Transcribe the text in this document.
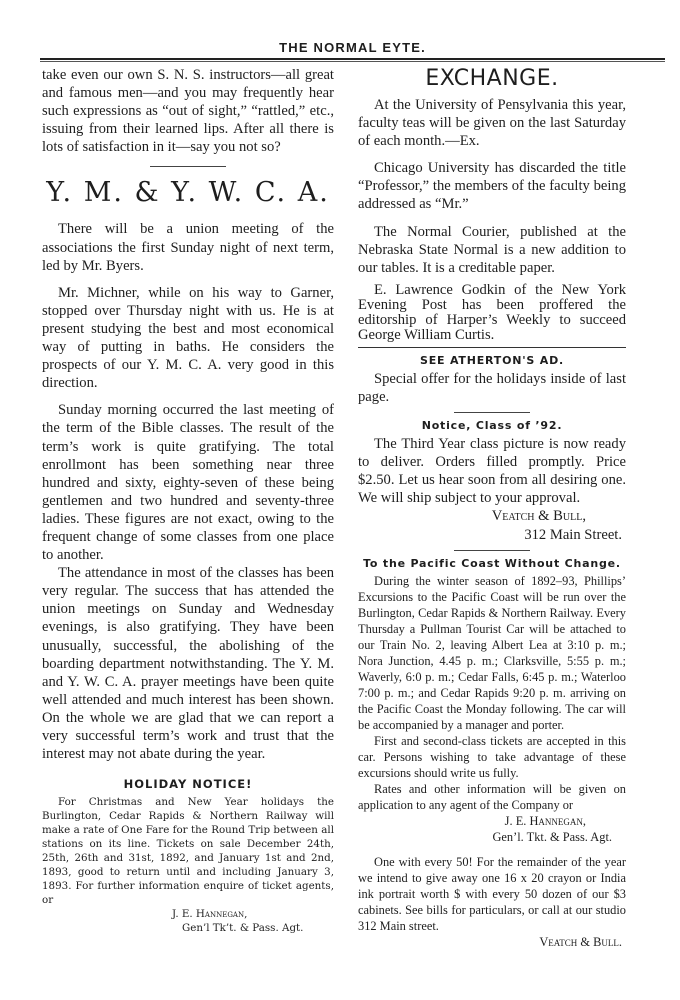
THE NORMAL EYTE.

take even our own S. N. S. instructors—all great and famous men—and you may frequently hear such expressions as “out of sight,” “rattled,” etc., issuing from their learned lips. After all there is lots of satisfaction in it—say you not so?

Y. M. & Y. W. C. A.

There will be a union meeting of the associations the first Sunday night of next term, led by Mr. Byers.

Mr. Michner, while on his way to Garner, stopped over Thursday night with us. He is at present studying the best and most economical way of putting in baths. He considers the prospects of our Y. M. C. A. very good in this direction.

Sunday morning occurred the last meeting of the term of the Bible classes. The result of the term’s work is quite gratifying. The total enrollmont has been something near three hundred and sixty, eighty-seven of these being gentlemen and two hundred and seventy-three ladies. These figures are not exact, owing to the frequent change of some classes from one place to another.

The attendance in most of the classes has been very regular. The success that has attended the union meetings on Sunday and Wednesday evenings, is also gratifying. They have been unusually, successful, the abolishing of the boarding department notwithstanding. The Y. M. and Y. W. C. A. prayer meetings have been quite well attended and much interest has been shown. On the whole we are glad that we can report a very successful term’s work and trust that the interest may not abate during the year.

HOLIDAY NOTICE!

For Christmas and New Year holidays the Burlington, Cedar Rapids & Northern Railway will make a rate of One Fare for the Round Trip between all stations on its line. Tickets on sale December 24th, 25th, 26th and 31st, 1892, and January 1st and 2nd, 1893, good to return until and including January 3, 1893. For further information enquire of ticket agents, or

J. E. Hannegan,

Gen’l Tk’t. & Pass. Agt.

EXCHANGE.

At the University of Pensylvania this year, faculty teas will be given on the last Saturday of each month.—Ex.

Chicago University has discarded the title “Professor,” the members of the faculty being addressed as “Mr.”

The Normal Courier, published at the Nebraska State Normal is a new addition to our tables. It is a creditable paper.

E. Lawrence Godkin of the New York Evening Post has been proffered the editorship of Harper’s Weekly to succeed George William Curtis.

SEE ATHERTON'S AD.

Special offer for the holidays inside of last page.

Notice, Class of ’92.

The Third Year class picture is now ready to deliver. Orders filled promptly. Price $2.50. Let us hear soon from all desiring one. We will ship subject to your approval.

Veatch & Bull,

312 Main Street.

To the Pacific Coast Without Change.

During the winter season of 1892–93, Phillips’ Excursions to the Pacific Coast will be run over the Burlington, Cedar Rapids & Northern Railway. Every Thursday a Pullman Tourist Car will be attached to our Train No. 2, leaving Albert Lea at 3:10 p. m.; Nora Junction, 4.45 p. m.; Clarksville, 5:55 p. m.; Waverly, 6:0 p. m.; Cedar Falls, 6:45 p. m.; Waterloo 7:00 p. m.; and Cedar Rapids 9:20 p. m. arriving on the Pacific Coast the Monday following. The car will be accompanied by a manager and porter.

First and second-class tickets are accepted in this car. Persons wishing to take advantage of these excursions should write us fully.

Rates and other information will be given on application to any agent of the Company or

J. E. Hannegan,

Gen’l. Tkt. & Pass. Agt.

One with every 50! For the remainder of the year we intend to give away one 16 x 20 crayon or India ink portrait worth $ with every 50 dozen of our $3 cabinets. See bills for particulars, or call at our studio 312 Main street.

Veatch & Bull.
